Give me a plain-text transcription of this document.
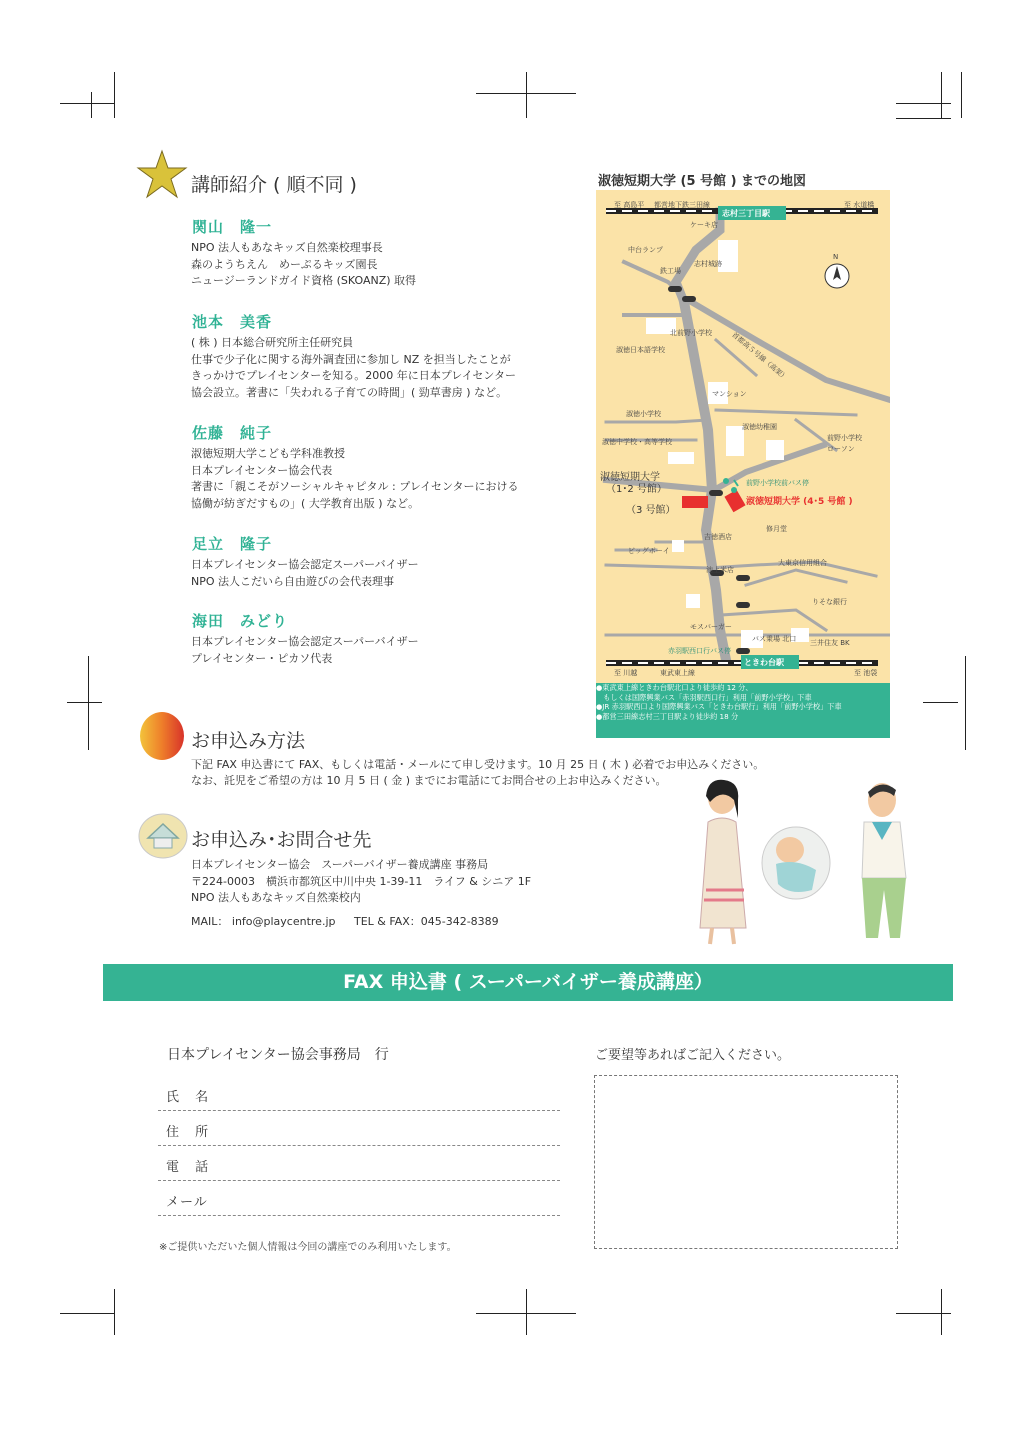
講師紹介 ( 順不同 )
関山　隆一
NPO 法人もあなキッズ自然楽校理事長
森のようちえん　めーぷるキッズ園長
ニュージーランドガイド資格 (SKOANZ) 取得
池本　美香
( 株 ) 日本総合研究所主任研究員
仕事で少子化に関する海外調査団に参加し NZ を担当したことが
きっかけでプレイセンターを知る。2000 年に日本プレイセンター
協会設立。著書に「失われる子育ての時間」( 勁草書房 ) など。
佐藤　純子
淑徳短期大学こども学科准教授
日本プレイセンター協会代表
著書に「親こそがソーシャルキャピタル : プレイセンターにおける
協働が紡ぎだすもの」( 大学教育出版 ) など。
足立　隆子
日本プレイセンター協会認定スーパーバイザー
NPO 法人こだいら自由遊びの会代表理事
海田　みどり
日本プレイセンター協会認定スーパーバイザー
プレイセンター・ピカソ代表
淑徳短期大学 (5 号館 ) までの地図
至 高島平 都営地下鉄三田線
志村三丁目駅
至 水道橋
ケーキ店
中台ランプ
鉄工場
志村城跡
N
北前野小学校	首都高５号線（高架）
淑徳日本語学校
マンション
淑徳小学校
淑徳幼稚園
淑徳中学校・高等学校	前野小学校
ローソン
前野小学校前バス停
淑徳短期大学
（1･2 号館）
（3 号館）
淑徳短期大学 (4･5 号館 )
修月堂
吉徳酒店
ビッグボーイ
大東京信用組合
池上米店
りそな銀行
モスバーガー
バス乗場 北口 三井住友 BK
赤羽駅西口行バス停
ときわ台駅
至 川越	東武東上線	至 池袋
●東武東上線ときわ台駅北口より徒歩約 12 分、
　もしくは国際興業バス「赤羽駅西口行」利用「前野小学校」下車
●JR 赤羽駅西口より国際興業バス「ときわ台駅行」利用「前野小学校」下車
●都営三田線志村三丁目駅より徒歩約 18 分
お申込み方法
下記 FAX 申込書にて FAX、もしくは電話・メールにて申し受けます。10 月 25 日 ( 木 ) 必着でお申込みください。
なお、託児をご希望の方は 10 月 5 日 ( 金 ) までにお電話にてお問合せの上お申込みください。
お申込み･お問合せ先
日本プレイセンター協会　スーパーバイザー養成講座 事務局
〒224-0003　横浜市都筑区中川中央 1-39-11　ライフ & シニア 1F
NPO 法人もあなキッズ自然楽校内
MAIL： info@playcentre.jp TEL & FAX：045-342-8389
FAX 申込書 ( スーパーバイザー養成講座）
日本プレイセンター協会事務局　行
氏 名
住 所
電 話
メール
※ご提供いただいた個人情報は今回の講座でのみ利用いたします。
ご要望等あればご記入ください。
